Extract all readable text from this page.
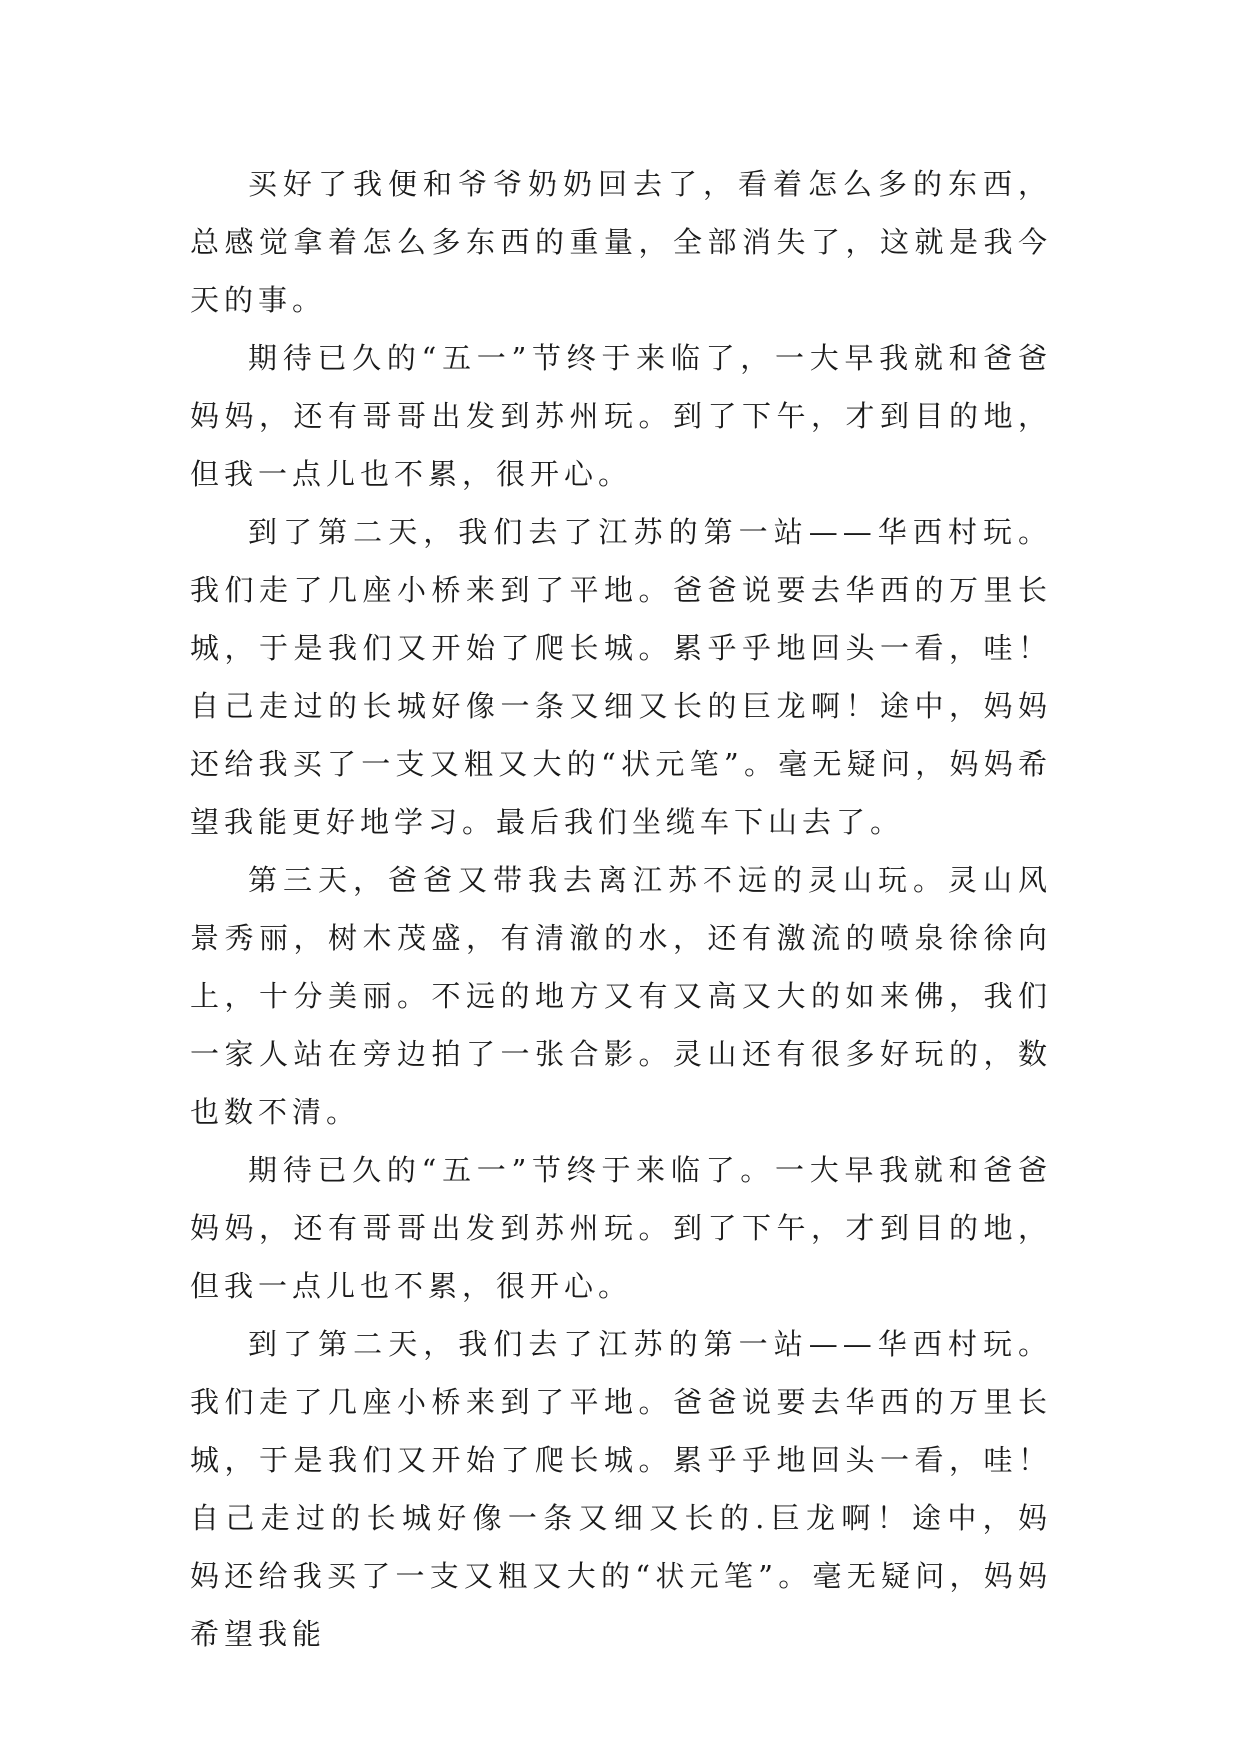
买好了我便和爷爷奶奶回去了，看着怎么多的东西，总感觉拿着怎么多东西的重量，全部消失了，这就是我今天的事。

期待已久的“五一”节终于来临了，一大早我就和爸爸妈妈，还有哥哥出发到苏州玩。到了下午，才到目的地，但我一点儿也不累，很开心。

到了第二天，我们去了江苏的第一站——华西村玩。我们走了几座小桥来到了平地。爸爸说要去华西的万里长城，于是我们又开始了爬长城。累乎乎地回头一看，哇！自己走过的长城好像一条又细又长的巨龙啊！途中，妈妈还给我买了一支又粗又大的“状元笔”。毫无疑问，妈妈希望我能更好地学习。最后我们坐缆车下山去了。

第三天，爸爸又带我去离江苏不远的灵山玩。灵山风景秀丽，树木茂盛，有清澈的水，还有激流的喷泉徐徐向上，十分美丽。不远的地方又有又高又大的如来佛，我们一家人站在旁边拍了一张合影。灵山还有很多好玩的，数也数不清。

期待已久的“五一”节终于来临了。一大早我就和爸爸妈妈，还有哥哥出发到苏州玩。到了下午，才到目的地，但我一点儿也不累，很开心。

到了第二天，我们去了江苏的第一站——华西村玩。我们走了几座小桥来到了平地。爸爸说要去华西的万里长城，于是我们又开始了爬长城。累乎乎地回头一看，哇！自己走过的长城好像一条又细又长的.巨龙啊！途中，妈妈还给我买了一支又粗又大的“状元笔”。毫无疑问，妈妈希望我能
